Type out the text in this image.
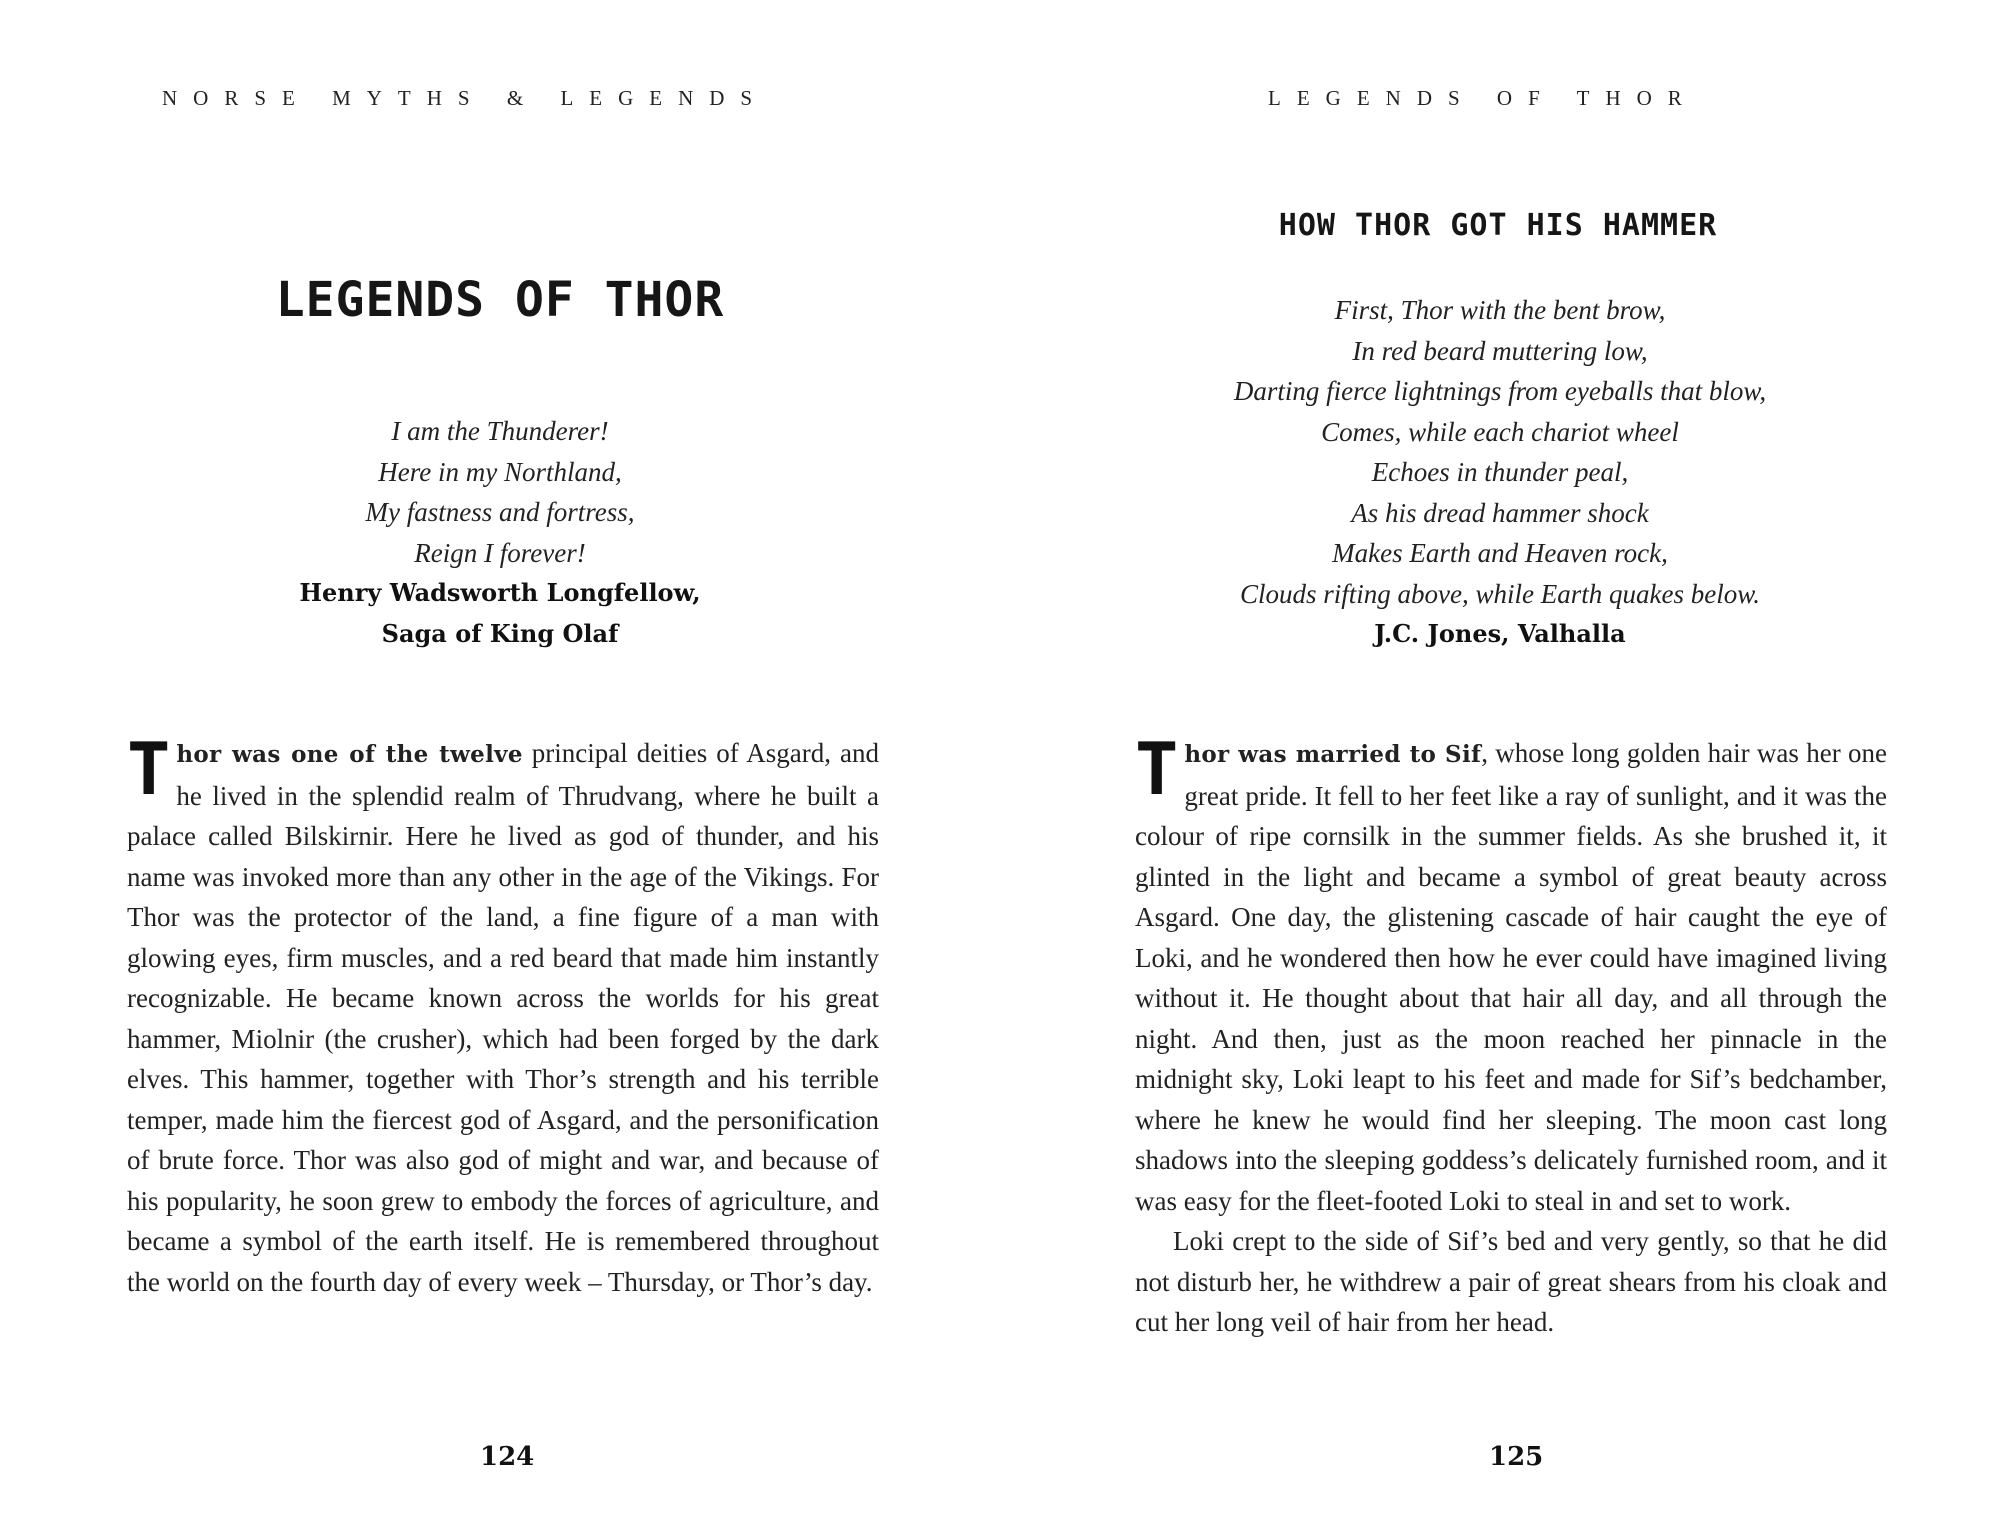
NORSE MYTHS & LEGENDS
LEGENDS OF THOR
I am the Thunderer!
Here in my Northland,
My fastness and fortress,
Reign I forever!
Henry Wadsworth Longfellow,
Saga of King Olaf

Thor was one of the twelve principal deities of Asgard, and he lived in the splendid realm of Thrudvang, where he built a palace called Bilskirnir. Here he lived as god of thunder, and his name was invoked more than any other in the age of the Vikings. For Thor was the protector of the land, a fine figure of a man with glowing eyes, firm muscles, and a red beard that made him instantly recognizable. He became known across the worlds for his great hammer, Miolnir (the crusher), which had been forged by the dark elves. This hammer, together with Thor’s strength and his terrible temper, made him the fiercest god of Asgard, and the personification of brute force. Thor was also god of might and war, and because of his popularity, he soon grew to embody the forces of agriculture, and became a symbol of the earth itself. He is remembered throughout the world on the fourth day of every week – Thursday, or Thor’s day.

124
LEGENDS OF THOR
HOW THOR GOT HIS HAMMER
First, Thor with the bent brow,
In red beard muttering low,
Darting fierce lightnings from eyeballs that blow,
Comes, while each chariot wheel
Echoes in thunder peal,
As his dread hammer shock
Makes Earth and Heaven rock,
Clouds rifting above, while Earth quakes below.
J.C. Jones, Valhalla

Thor was married to Sif, whose long golden hair was her one great pride. It fell to her feet like a ray of sunlight, and it was the colour of ripe cornsilk in the summer fields. As she brushed it, it glinted in the light and became a symbol of great beauty across Asgard. One day, the glistening cascade of hair caught the eye of Loki, and he wondered then how he ever could have imagined living without it. He thought about that hair all day, and all through the night. And then, just as the moon reached her pinnacle in the midnight sky, Loki leapt to his feet and made for Sif’s bedchamber, where he knew he would find her sleeping. The moon cast long shadows into the sleeping goddess’s delicately furnished room, and it was easy for the fleet-footed Loki to steal in and set to work.

Loki crept to the side of Sif’s bed and very gently, so that he did not disturb her, he withdrew a pair of great shears from his cloak and cut her long veil of hair from her head.

125
